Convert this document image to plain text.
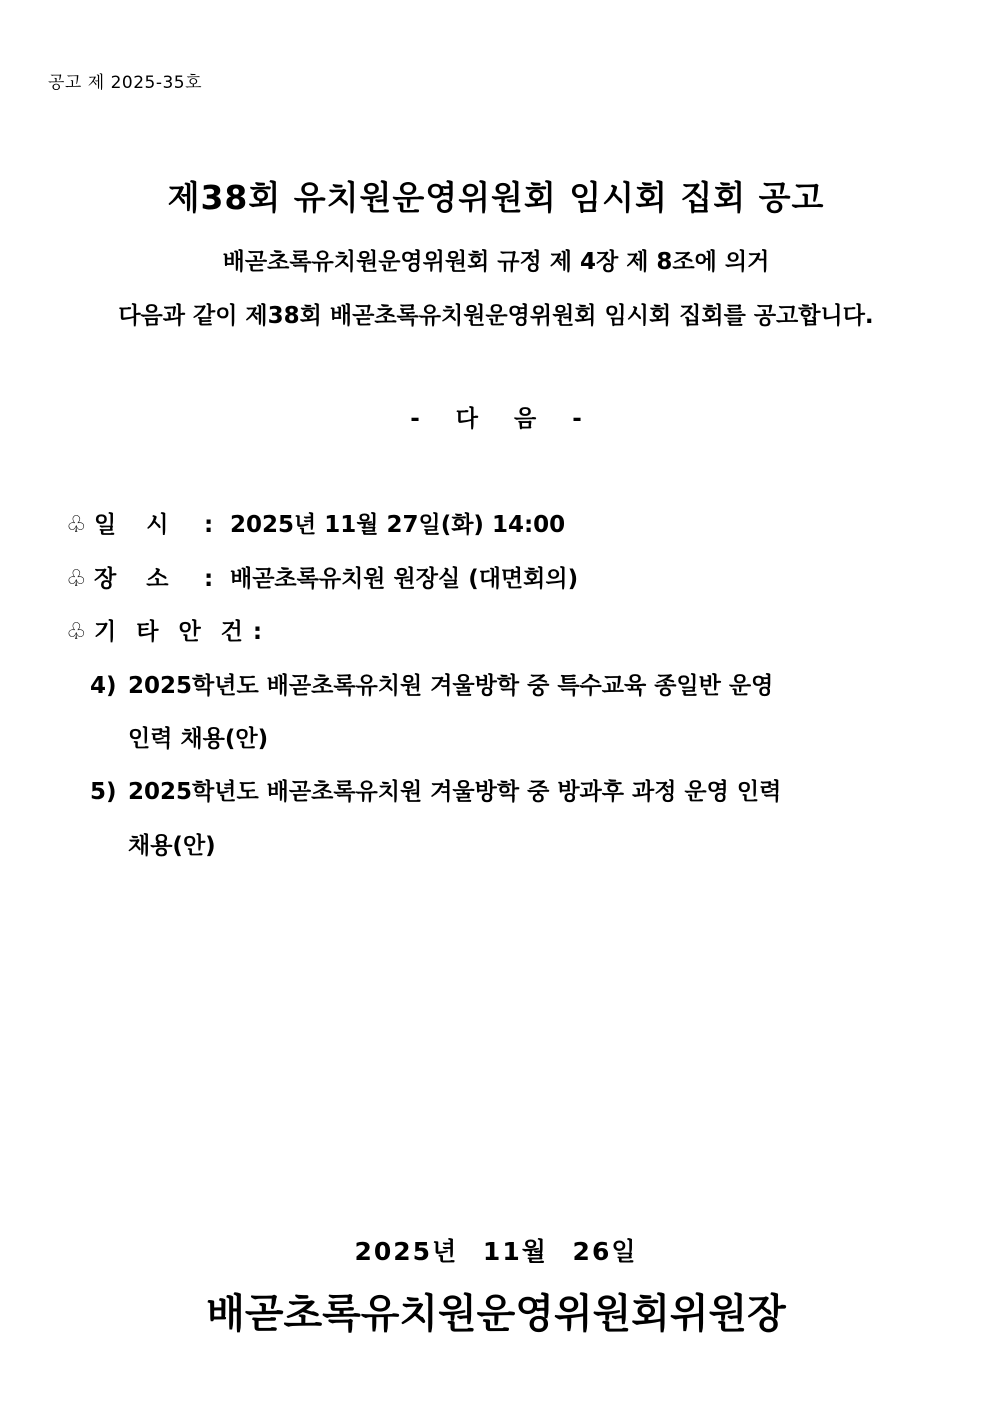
공고 제 2025-35호
제38회 유치원운영위원회 임시회 집회 공고
배곧초록유치원운영위원회 규정 제 4장 제 8조에 의거
다음과 같이 제38회 배곧초록유치원운영위원회 임시회 집회를 공고합니다.
- 다 음 -
♧ 일 시 : 2025년 11월 27일(화) 14:00
♧ 장 소 : 배곧초록유치원 원장실 (대면회의)
♧ 기 타 안 건 :
4) 2025학년도 배곧초록유치원 겨울방학 중 특수교육 종일반 운영
인력 채용(안)
5) 2025학년도 배곧초록유치원 겨울방학 중 방과후 과정 운영 인력
채용(안)
2025년 11월 26일
배곧초록유치원운영위원회위원장
